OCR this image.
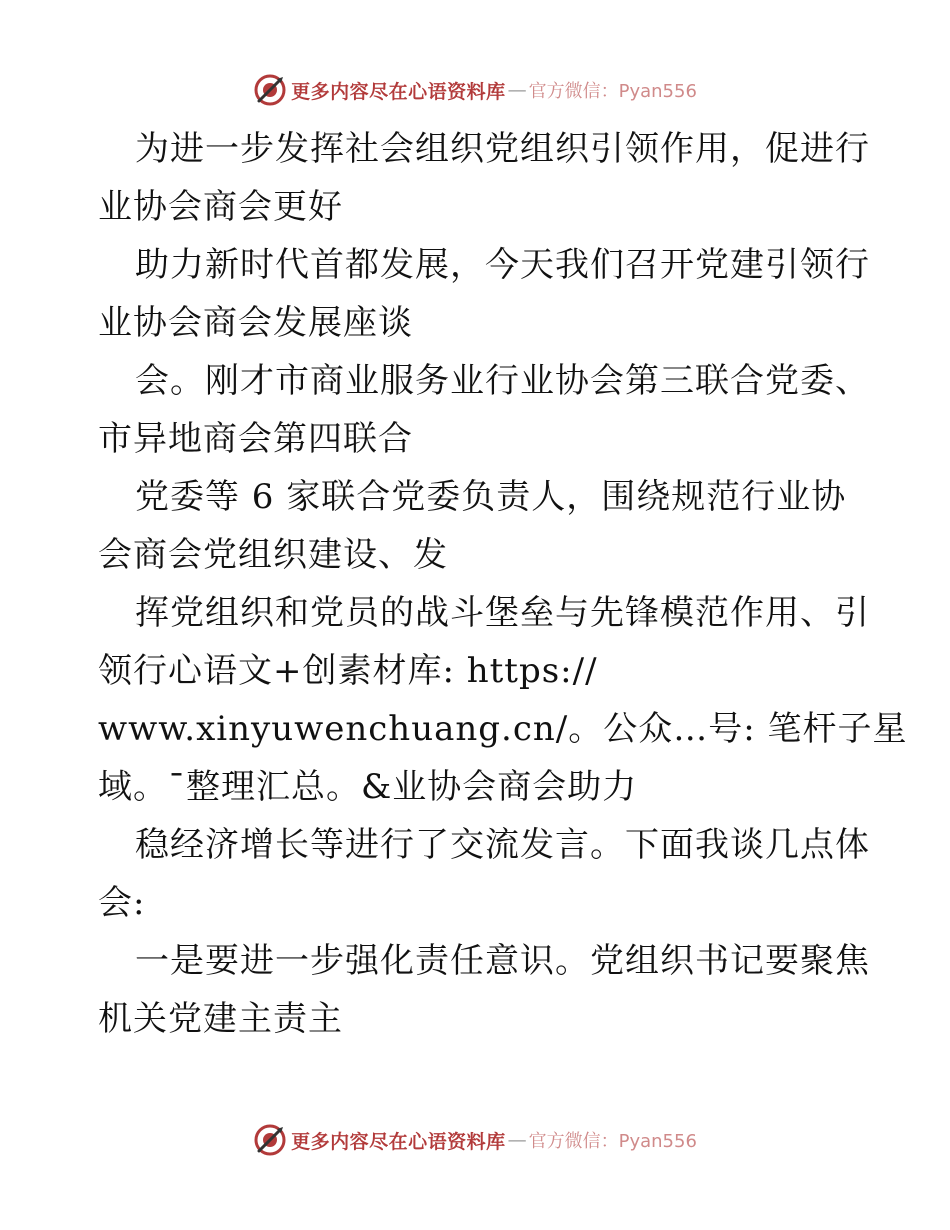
更多内容尽在心语资料库 — 官方微信：Pyan556
为进一步发挥社会组织党组织引领作用，促进行
业协会商会更好
助力新时代首都发展，今天我们召开党建引领行
业协会商会发展座谈
会。刚才市商业服务业行业协会第三联合党委、
市异地商会第四联合
党委等 6 家联合党委负责人，围绕规范行业协
会商会党组织建设、发
挥党组织和党员的战斗堡垒与先锋模范作用、引
领行心语文+创素材库: https://
www.xinyuwenchuang.cn/。公众…号: 笔杆子星
域。¯整理汇总。&业协会商会助力
稳经济增长等进行了交流发言。下面我谈几点体
会:
一是要进一步强化责任意识。党组织书记要聚焦
机关党建主责主
更多内容尽在心语资料库 — 官方微信：Pyan556
